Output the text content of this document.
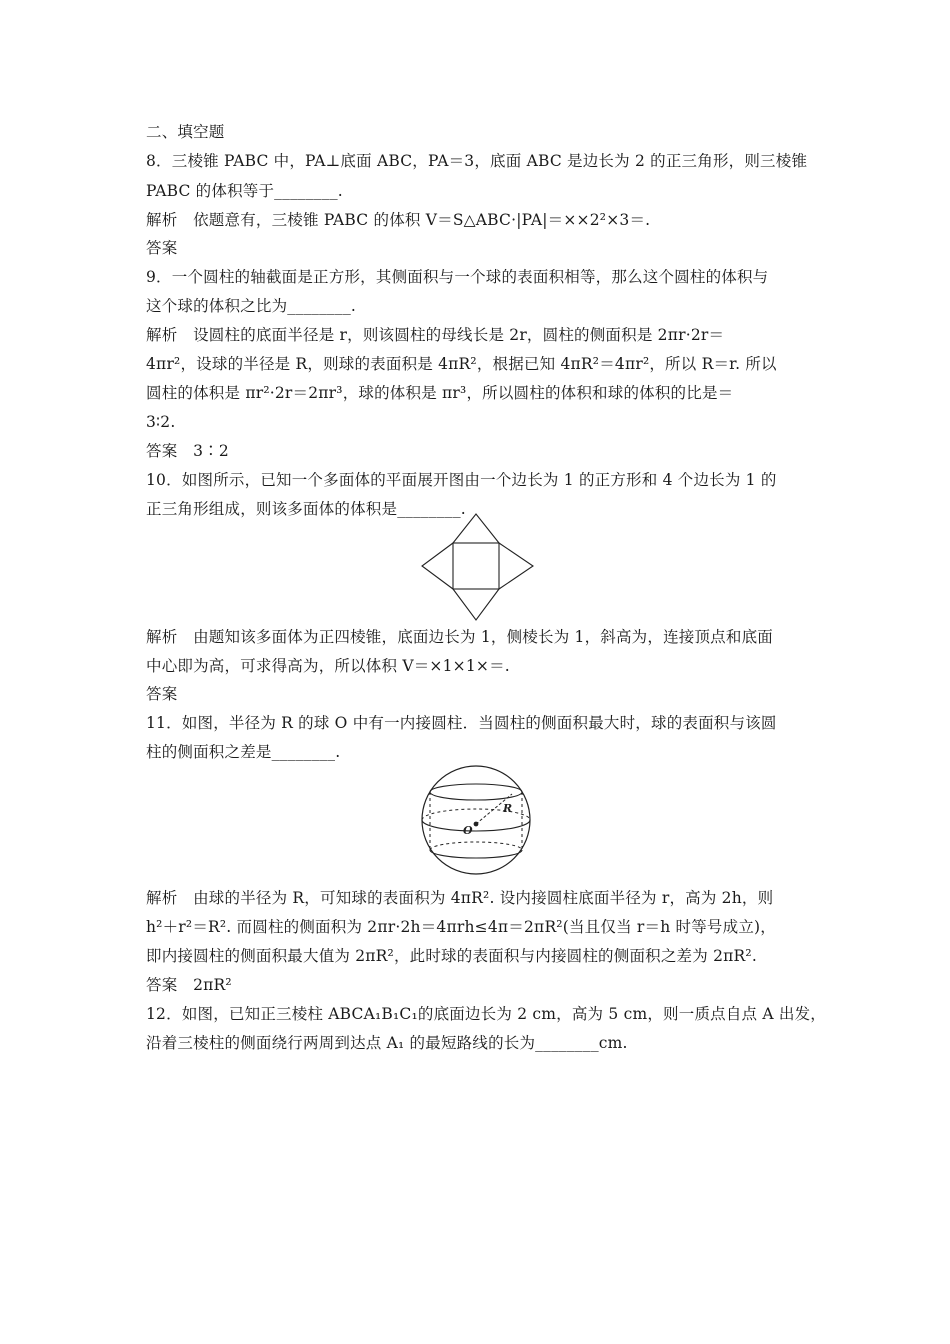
二、填空题
8．三棱锥 PABC 中，PA⊥底面 ABC，PA＝3，底面 ABC 是边长为 2 的正三角形，则三棱锥
PABC 的体积等于________.
解析　依题意有，三棱锥 PABC 的体积 V＝S△ABC·|PA|＝××2²×3＝.
答案
9．一个圆柱的轴截面是正方形，其侧面积与一个球的表面积相等，那么这个圆柱的体积与
这个球的体积之比为________.
解析　设圆柱的底面半径是 r，则该圆柱的母线长是 2r，圆柱的侧面积是 2πr·2r＝
4πr²，设球的半径是 R，则球的表面积是 4πR²，根据已知 4πR²＝4πr²，所以 R＝r. 所以
圆柱的体积是 πr²·2r＝2πr³，球的体积是 πr³，所以圆柱的体积和球的体积的比是＝
3∶2.
答案　3∶2
10．如图所示，已知一个多面体的平面展开图由一个边长为 1 的正方形和 4 个边长为 1 的
正三角形组成，则该多面体的体积是________.
解析　由题知该多面体为正四棱锥，底面边长为 1，侧棱长为 1，斜高为，连接顶点和底面
中心即为高，可求得高为，所以体积 V＝×1×1×＝.
答案
11．如图，半径为 R 的球 O 中有一内接圆柱．当圆柱的侧面积最大时，球的表面积与该圆
柱的侧面积之差是________.
R
O
解析　由球的半径为 R，可知球的表面积为 4πR². 设内接圆柱底面半径为 r，高为 2h，则
h²＋r²＝R². 而圆柱的侧面积为 2πr·2h＝4πrh≤4π＝2πR²(当且仅当 r＝h 时等号成立)，
即内接圆柱的侧面积最大值为 2πR²，此时球的表面积与内接圆柱的侧面积之差为 2πR².
答案　2πR²
12．如图，已知正三棱柱 ABCA₁B₁C₁的底面边长为 2 cm，高为 5 cm，则一质点自点 A 出发，
沿着三棱柱的侧面绕行两周到达点 A₁ 的最短路线的长为________cm.
